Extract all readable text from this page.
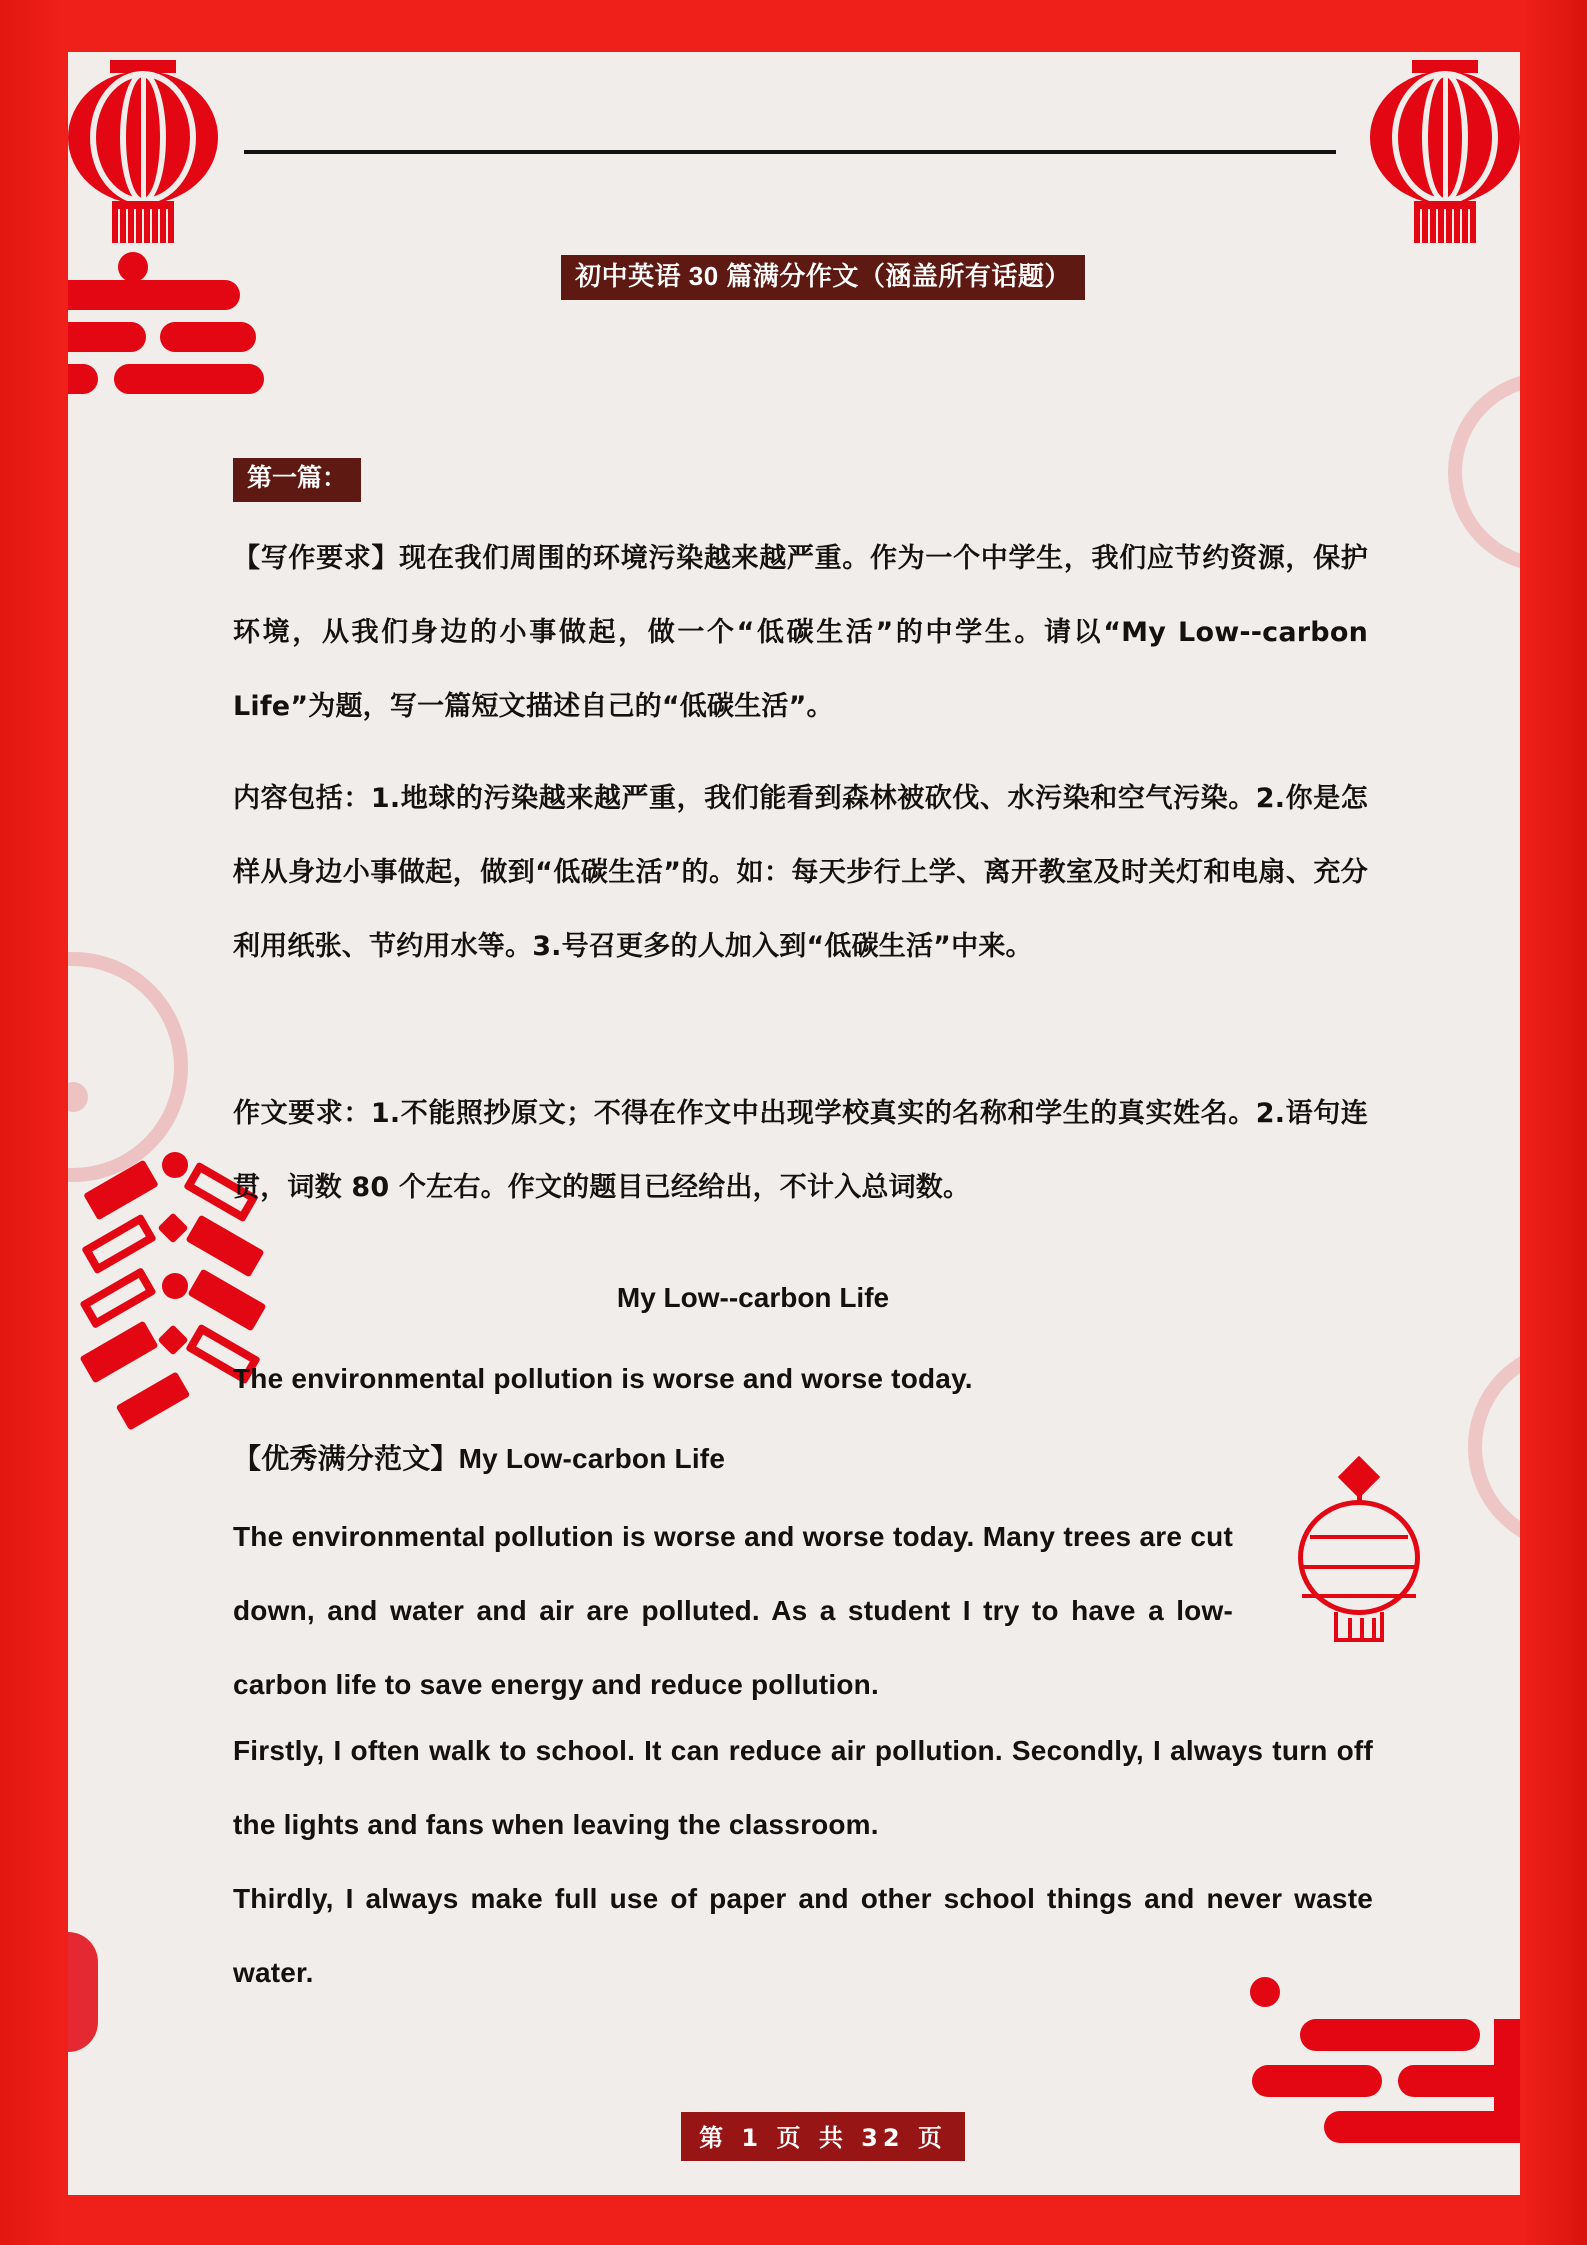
初中英语 30 篇满分作文（涵盖所有话题）
第一篇：

【写作要求】现在我们周围的环境污染越来越严重。作为一个中学生，我们应节约资源，保护环境，从我们身边的小事做起，做一个“低碳生活”的中学生。请以“My Low--carbon Life”为题，写一篇短文描述自己的“低碳生活”。

内容包括：1.地球的污染越来越严重，我们能看到森林被砍伐、水污染和空气污染。2.你是怎样从身边小事做起，做到“低碳生活”的。如：每天步行上学、离开教室及时关灯和电扇、充分利用纸张、节约用水等。3.号召更多的人加入到“低碳生活”中来。

作文要求：1.不能照抄原文；不得在作文中出现学校真实的名称和学生的真实姓名。2.语句连贯，词数 80 个左右。作文的题目已经给出，不计入总词数。

My Low--carbon Life

The environmental pollution is worse and worse today.

【优秀满分范文】My Low-carbon Life

The environmental pollution is worse and worse today. Many trees are cut down, and water and air are polluted. As a student I try to have a low-carbon life to save energy and reduce pollution.

Firstly, I often walk to school. It can reduce air pollution. Secondly, I always turn off the lights and fans when leaving the classroom.

Thirdly, I always make full use of paper and other school things and never waste water.

第 1 页 共 32 页
